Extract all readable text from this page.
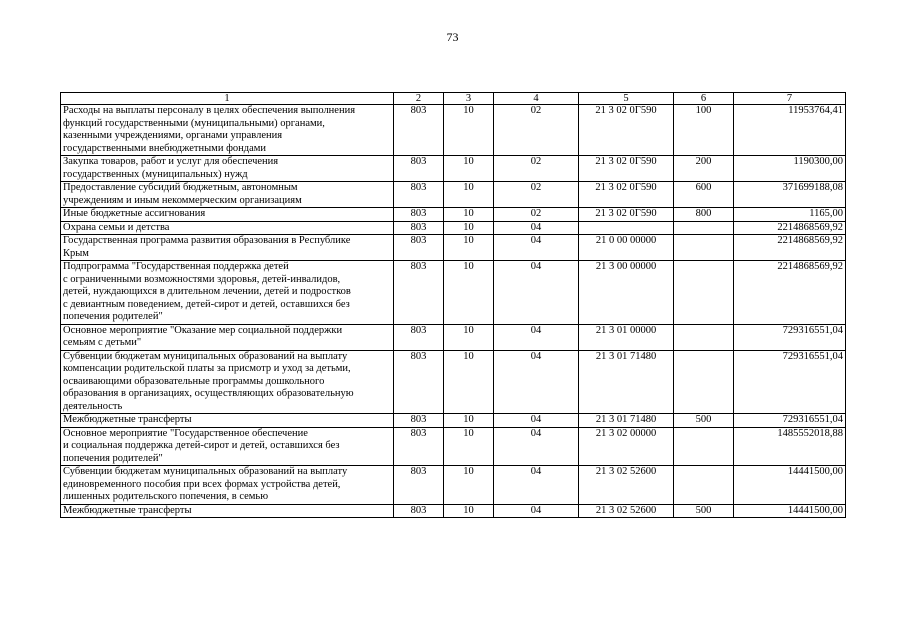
73
1	2	3	4	5	6	7

Расходы на выплаты персоналу в целях обеспечения выполнения
функций государственными (муниципальными) органами,
казенными учреждениями, органами управления
государственными внебюджетными фондами	803	10	02	21 3 02 0Г590	100	11953764,41

Закупка товаров, работ и услуг для обеспечения
государственных (муниципальных) нужд	803	10	02	21 3 02 0Г590	200	1190300,00

Предоставление субсидий бюджетным, автономным
учреждениям и иным некоммерческим организациям	803	10	02	21 3 02 0Г590	600	371699188,08

Иные бюджетные ассигнования	803	10	02	21 3 02 0Г590	800	1165,00

Охрана семьи и детства	803	10	04			2214868569,92

Государственная программа развития образования в Республике
Крым	803	10	04	21 0 00 00000		2214868569,92

Подпрограмма "Государственная поддержка детей
с ограниченными возможностями здоровья, детей-инвалидов,
детей, нуждающихся в длительном лечении, детей и подростков
с девиантным поведением, детей-сирот и детей, оставшихся без
попечения родителей"	803	10	04	21 3 00 00000		2214868569,92

Основное мероприятие "Оказание мер социальной поддержки
семьям с детьми"	803	10	04	21 3 01 00000		729316551,04

Субвенции бюджетам муниципальных образований на выплату
компенсации родительской платы за присмотр и уход за детьми,
осваивающими образовательные программы дошкольного
образования в организациях, осуществляющих образовательную
деятельность	803	10	04	21 3 01 71480		729316551,04

Межбюджетные трансферты	803	10	04	21 3 01 71480	500	729316551,04

Основное мероприятие "Государственное обеспечение
и социальная поддержка детей-сирот и детей, оставшихся без
попечения родителей"	803	10	04	21 3 02 00000		1485552018,88

Субвенции бюджетам муниципальных образований на выплату
единовременного пособия при всех формах устройства детей,
лишенных родительского попечения, в семью	803	10	04	21 3 02 52600		14441500,00

Межбюджетные трансферты	803	10	04	21 3 02 52600	500	14441500,00
